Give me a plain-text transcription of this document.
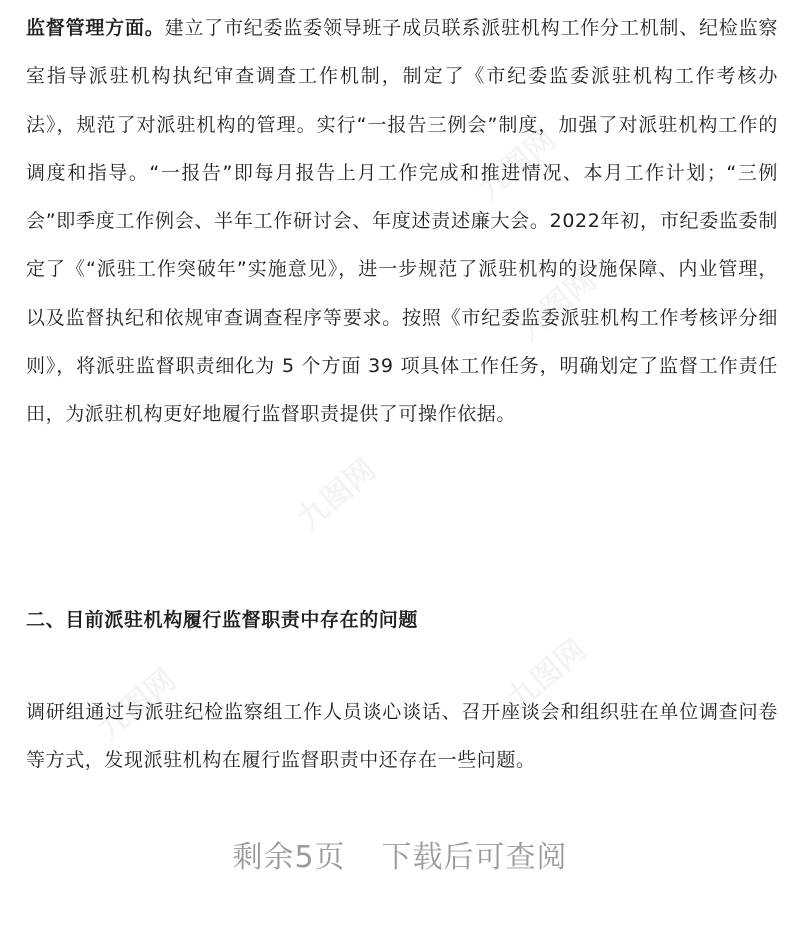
监督管理方面。建立了市纪委监委领导班子成员联系派驻机构工作分工机制、纪检监察室指导派驻机构执纪审查调查工作机制，制定了《市纪委监委派驻机构工作考核办法》，规范了对派驻机构的管理。实行“一报告三例会”制度，加强了对派驻机构工作的调度和指导。“一报告”即每月报告上月工作完成和推进情况、本月工作计划；“三例会”即季度工作例会、半年工作研讨会、年度述责述廉大会。2022年初，市纪委监委制定了《“派驻工作突破年”实施意见》，进一步规范了派驻机构的设施保障、内业管理，以及监督执纪和依规审查调查程序等要求。按照《市纪委监委派驻机构工作考核评分细则》，将派驻监督职责细化为 5 个方面 39 项具体工作任务，明确划定了监督工作责任田，为派驻机构更好地履行监督职责提供了可操作依据。

二、目前派驻机构履行监督职责中存在的问题

调研组通过与派驻纪检监察组工作人员谈心谈话、召开座谈会和组织驻在单位调查问卷等方式，发现派驻机构在履行监督职责中还存在一些问题。

剩余5页 下载后可查阅
